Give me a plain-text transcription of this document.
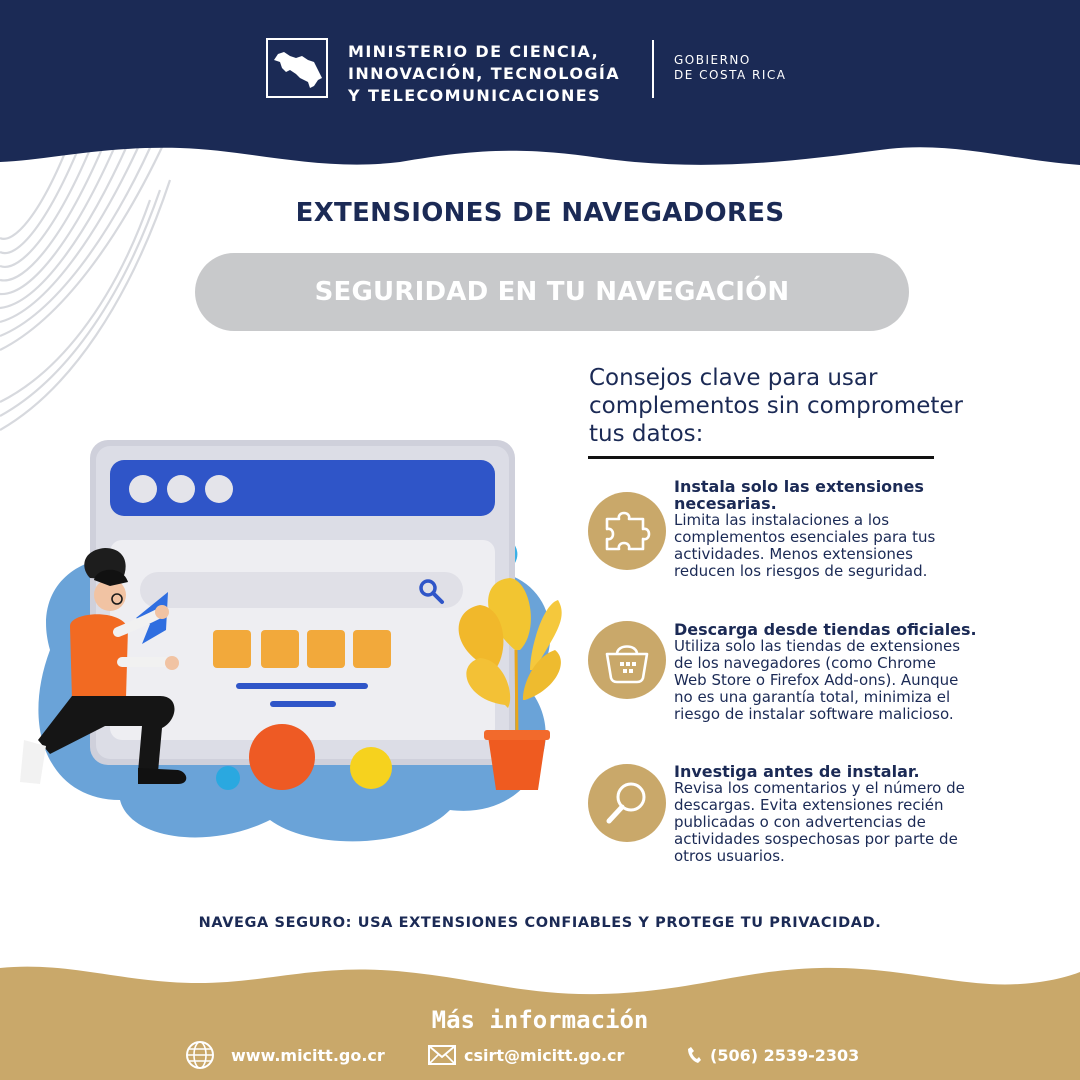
MINISTERIO DE CIENCIA,
INNOVACIÓN, TECNOLOGÍA
Y TELECOMUNICACIONES
GOBIERNO
DE COSTA RICA
EXTENSIONES DE NAVEGADORES
SEGURIDAD EN TU NAVEGACIÓN
Consejos clave para usar
complementos sin comprometer
tus datos:
Instala solo las extensiones
necesarias.
Limita las instalaciones a los
complementos esenciales para tus
actividades. Menos extensiones
reducen los riesgos de seguridad.
Descarga desde tiendas oficiales.
Utiliza solo las tiendas de extensiones
de los navegadores (como Chrome
Web Store o Firefox Add-ons). Aunque
no es una garantía total, minimiza el
riesgo de instalar software malicioso.
Investiga antes de instalar.
Revisa los comentarios y el número de
descargas. Evita extensiones recién
publicadas o con advertencias de
actividades sospechosas por parte de
otros usuarios.
NAVEGA SEGURO: USA EXTENSIONES CONFIABLES Y PROTEGE TU PRIVACIDAD.
Más información
www.micitt.go.cr	csirt@micitt.go.cr	(506) 2539-2303
